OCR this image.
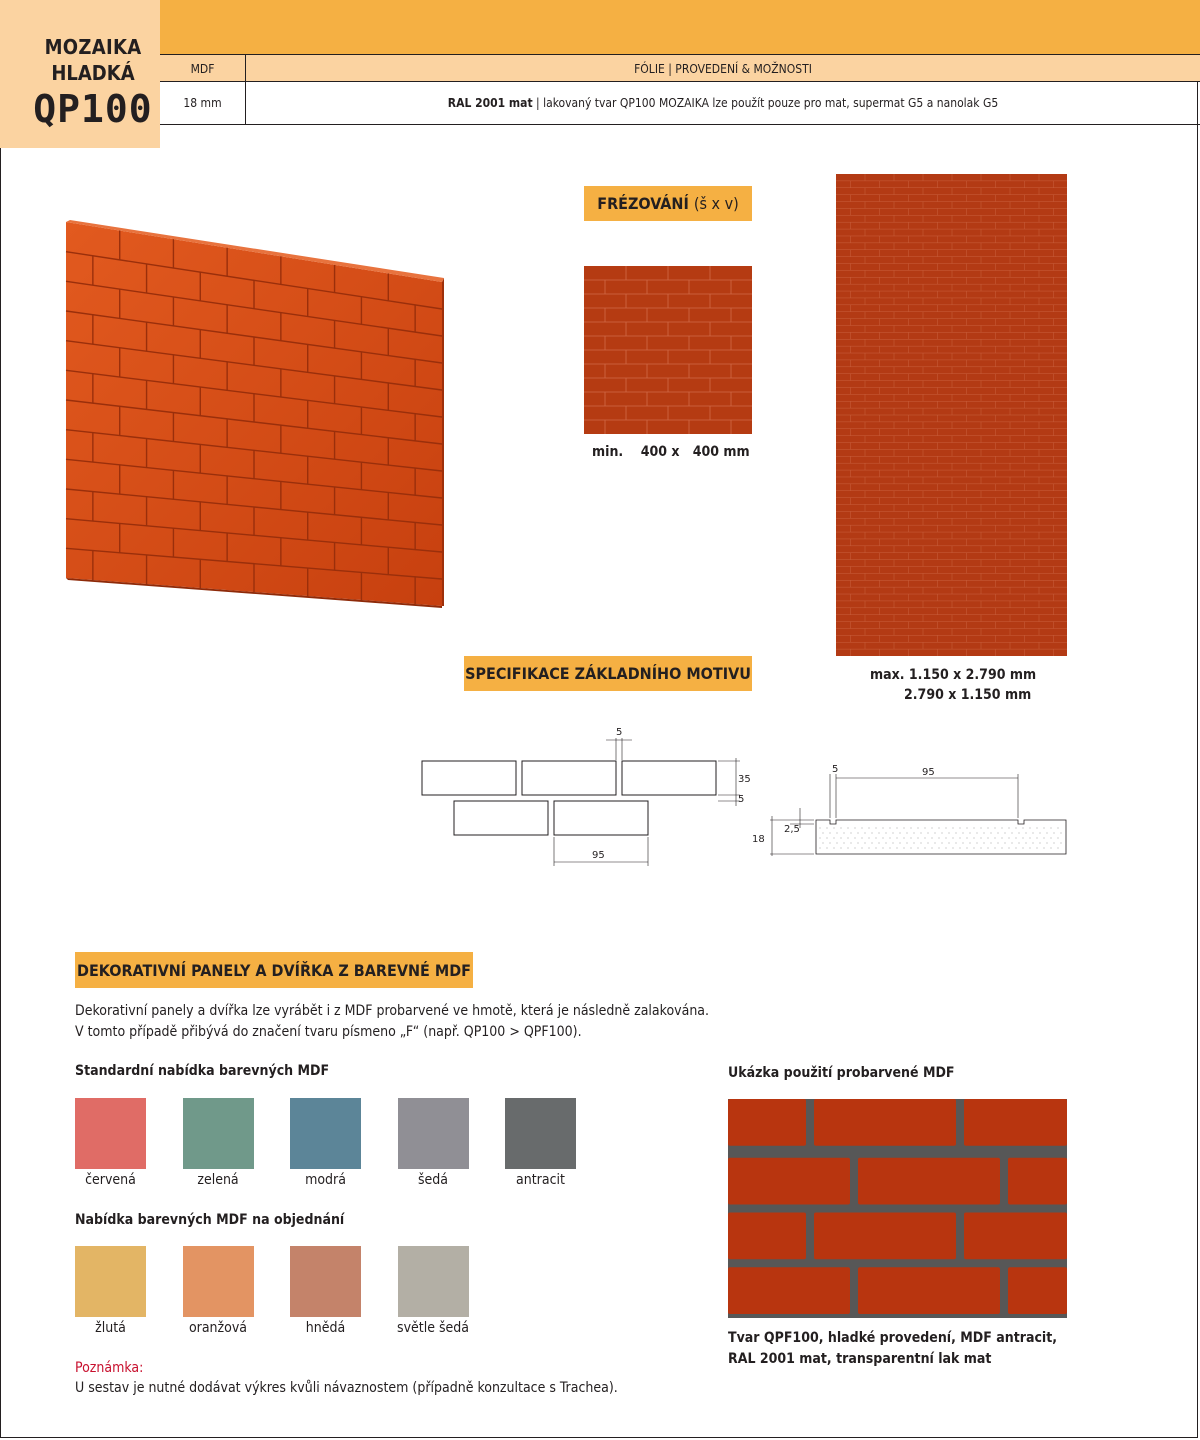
MOZAIKA
HLADKÁ
QP100
MDF	FÓLIE | PROVEDENÍ & MOŽNOSTI
18 mm	RAL 2001 mat | lakovaný tvar QP100 MOZAIKA lze použít pouze pro mat, supermat G5 a nanolak G5
FRÉZOVÁNÍ
(š x v)
min. 400 x 400 mm
max. 1.150 x 2.790 mm
2.790 x 1.150 mm
SPECIFIKACE ZÁKLADNÍHO MOTIVU
5
35
5
95
5	95
2,5
18
DEKORATIVNÍ PANELY A DVÍŘKA Z BAREVNÉ MDF
Dekorativní panely a dvířka lze vyrábět i z MDF probarvené ve hmotě, která je následně zalakována.
V tomto případě přibývá do značení tvaru písmeno „F“ (např. QP100 > QPF100).
Standardní nabídka barevných MDF
červená	zelená	modrá	šedá	antracit
Nabídka barevných MDF na objednání
žlutá	oranžová	hnědá	světle šedá
Poznámka:
U sestav je nutné dodávat výkres kvůli návaznostem (případně konzultace s Trachea).
Ukázka použití probarvené MDF
Tvar QPF100, hladké provedení, MDF antracit,
RAL 2001 mat, transparentní lak mat
